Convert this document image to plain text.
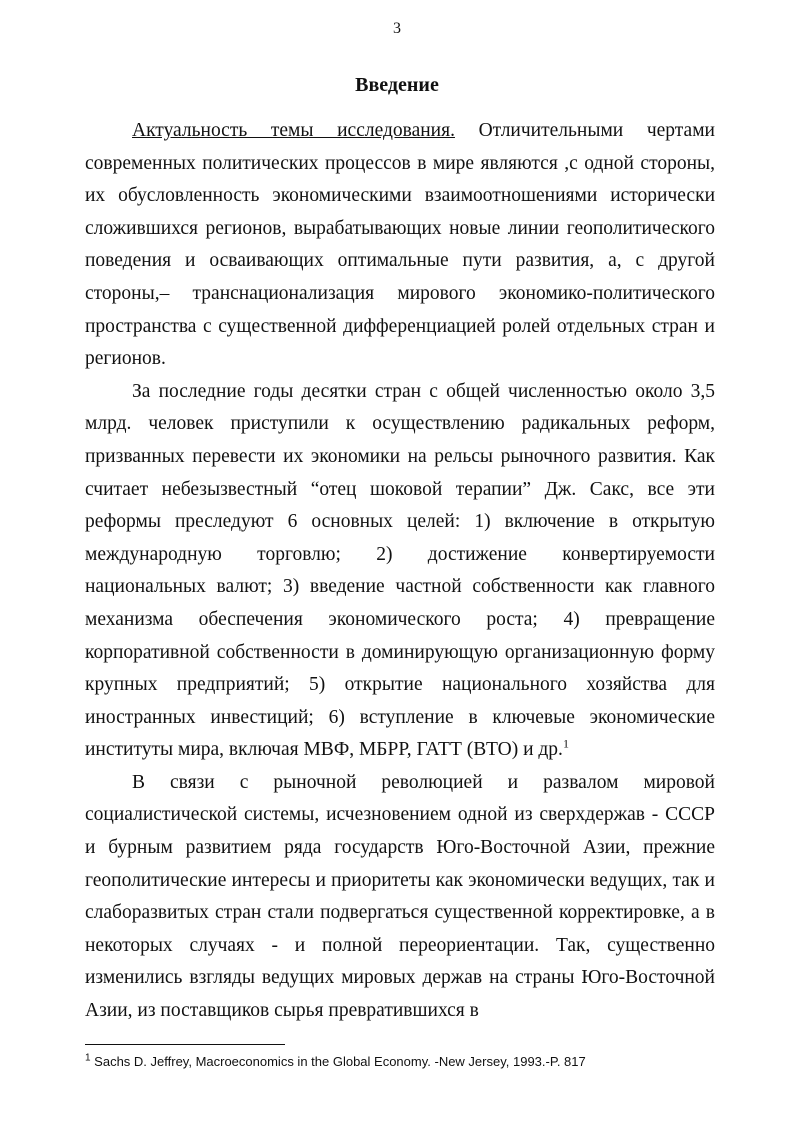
3
Введение

Актуальность темы исследования. Отличительными чертами современных политических процессов в мире являются ,с одной стороны, их обусловленность экономическими взаимоотношениями исторически сложившихся регионов, вырабатывающих новые линии геополитического поведения и осваивающих оптимальные пути развития, а, с другой стороны,– транснационализация мирового экономико-политического пространства с существенной дифференциацией ролей отдельных стран и регионов.

За последние годы десятки стран с общей численностью около 3,5 млрд. человек приступили к осуществлению радикальных реформ, призванных перевести их экономики на рельсы рыночного развития. Как считает небезызвестный “отец шоковой терапии” Дж. Сакс, все эти реформы преследуют 6 основных целей: 1) включение в открытую международную торговлю; 2) достижение конвертируемости национальных валют; 3) введение частной собственности как главного механизма обеспечения экономического роста; 4) превращение корпоративной собственности в доминирующую организационную форму крупных предприятий; 5) открытие национального хозяйства для иностранных инвестиций; 6) вступление в ключевые экономические институты мира, включая МВФ, МБРР, ГАТТ (ВТО) и др.$^1$

В связи с рыночной революцией и развалом мировой социалистической системы, исчезновением одной из сверхдержав - СССР и бурным развитием ряда государств Юго-Восточной Азии, прежние геополитические интересы и приоритеты как экономически ведущих, так и слаборазвитых стран стали подвергаться существенной корректировке, а в некоторых случаях - и полной переориентации. Так, существенно изменились взгляды ведущих мировых держав на страны Юго-Восточной Азии, из поставщиков сырья превратившихся в

$^1$ Sachs D. Jeffrey, Macroeconomics in the Global Economy. -New Jersey, 1993.-P. 817
